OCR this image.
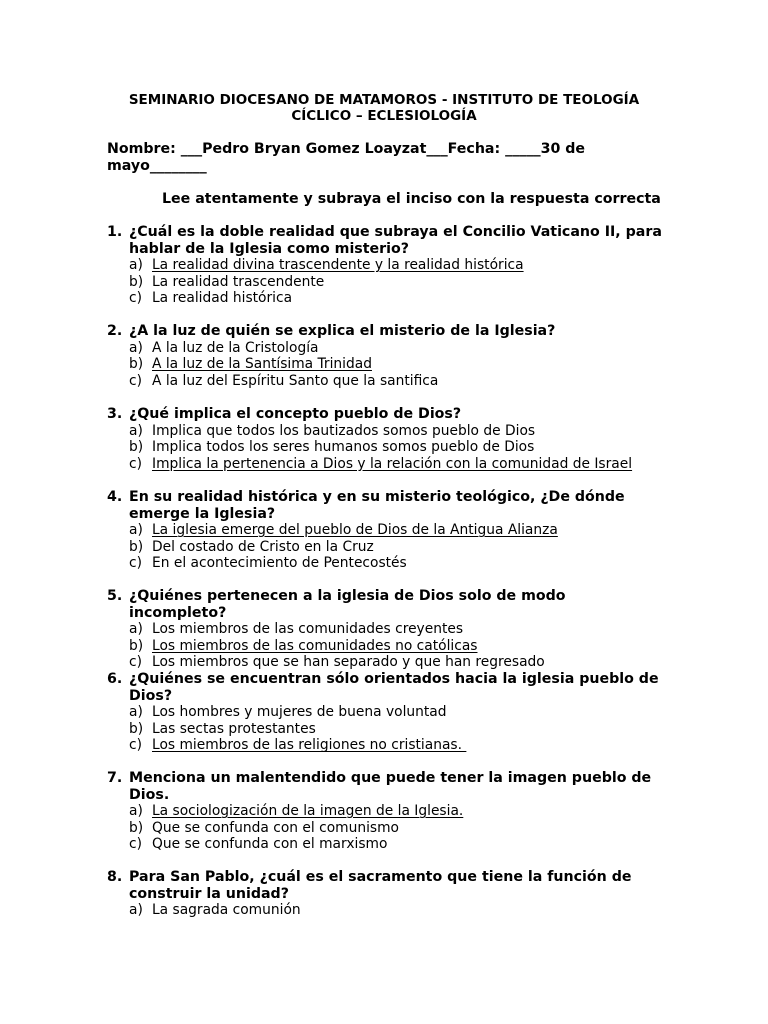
SEMINARIO DIOCESANO DE MATAMOROS - INSTITUTO DE TEOLOGÍA
CÍCLICO – ECLESIOLOGÍA
Nombre: ___Pedro Bryan Gomez Loayzat___Fecha: _____30 de mayo________
Lee atentamente y subraya el inciso con la respuesta correcta
1. ¿Cuál es la doble realidad que subraya el Concilio Vaticano II, para hablar de la Iglesia como misterio?
a) La realidad divina trascendente y la realidad histórica
b) La realidad trascendente
c) La realidad histórica
2. ¿A la luz de quién se explica el misterio de la Iglesia?
a) A la luz de la Cristología
b) A la luz de la Santísima Trinidad
c) A la luz del Espíritu Santo que la santifica
3. ¿Qué implica el concepto pueblo de Dios?
a) Implica que todos los bautizados somos pueblo de Dios
b) Implica todos los seres humanos somos pueblo de Dios
c) Implica la pertenencia a Dios y la relación con la comunidad de Israel
4. En su realidad histórica y en su misterio teológico, ¿De dónde emerge la Iglesia?
a) La iglesia emerge del pueblo de Dios de la Antigua Alianza
b) Del costado de Cristo en la Cruz
c) En el acontecimiento de Pentecostés
5. ¿Quiénes pertenecen a la iglesia de Dios solo de modo incompleto?
a) Los miembros de las comunidades creyentes
b) Los miembros de las comunidades no católicas
c) Los miembros que se han separado y que han regresado
6. ¿Quiénes se encuentran sólo orientados hacia la iglesia pueblo de Dios?
a) Los hombres y mujeres de buena voluntad
b) Las sectas protestantes
c) Los miembros de las religiones no cristianas.
7. Menciona un malentendido que puede tener la imagen pueblo de Dios.
a) La sociologización de la imagen de la Iglesia.
b) Que se confunda con el comunismo
c) Que se confunda con el marxismo
8. Para San Pablo, ¿cuál es el sacramento que tiene la función de construir la unidad?
a) La sagrada comunión
